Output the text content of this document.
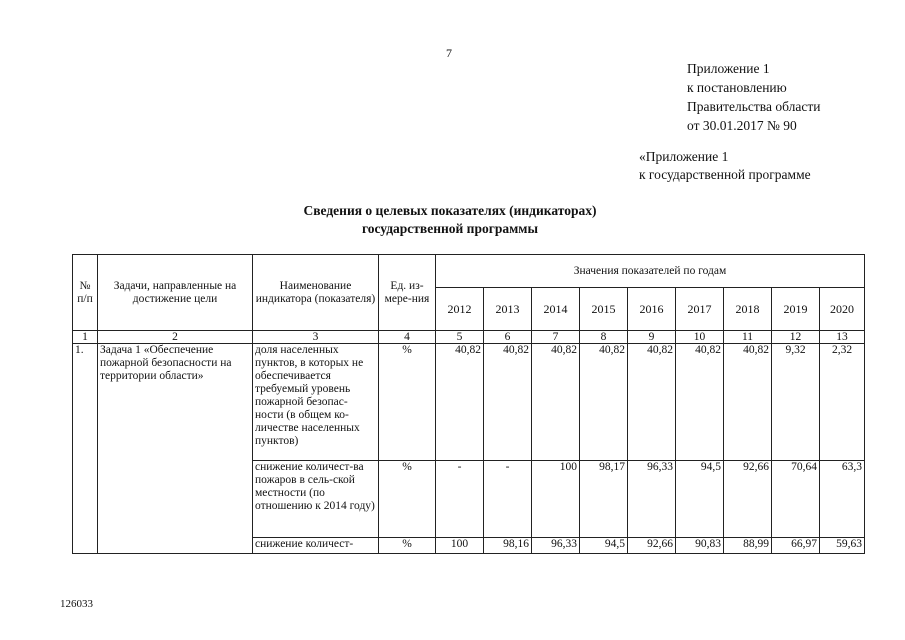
7
Приложение 1
к постановлению
Правительства области
от 30.01.2017 № 90
«Приложение 1
к государственной программе
Сведения о целевых показателях (индикаторах)
государственной программы
№ п/п	Задачи, направленные на достижение цели	Наименование индикатора (показателя)	Ед. из-мере-ния	Значения показателей по годам								
				2012	2013	2014	2015	2016	2017	2018	2019	2020
1	2	3	4	5	6	7	8	9	10	11	12	13
1.	Задача 1 «Обеспечение пожарной безопасности на территории области»	доля населенных пунктов, в которых не обеспечивается требуемый уровень пожарной безопас-ности (в общем ко-личестве населенных пунктов)	%	40,82	40,82	40,82	40,82	40,82	40,82	40,82	9,32	2,32
		снижение количест-ва пожаров в сель-ской местности (по отношению к 2014 году)	%	-	-	100	98,17	96,33	94,5	92,66	70,64	63,3
		снижение количест-	%	100	98,16	96,33	94,5	92,66	90,83	88,99	66,97	59,63
126033
